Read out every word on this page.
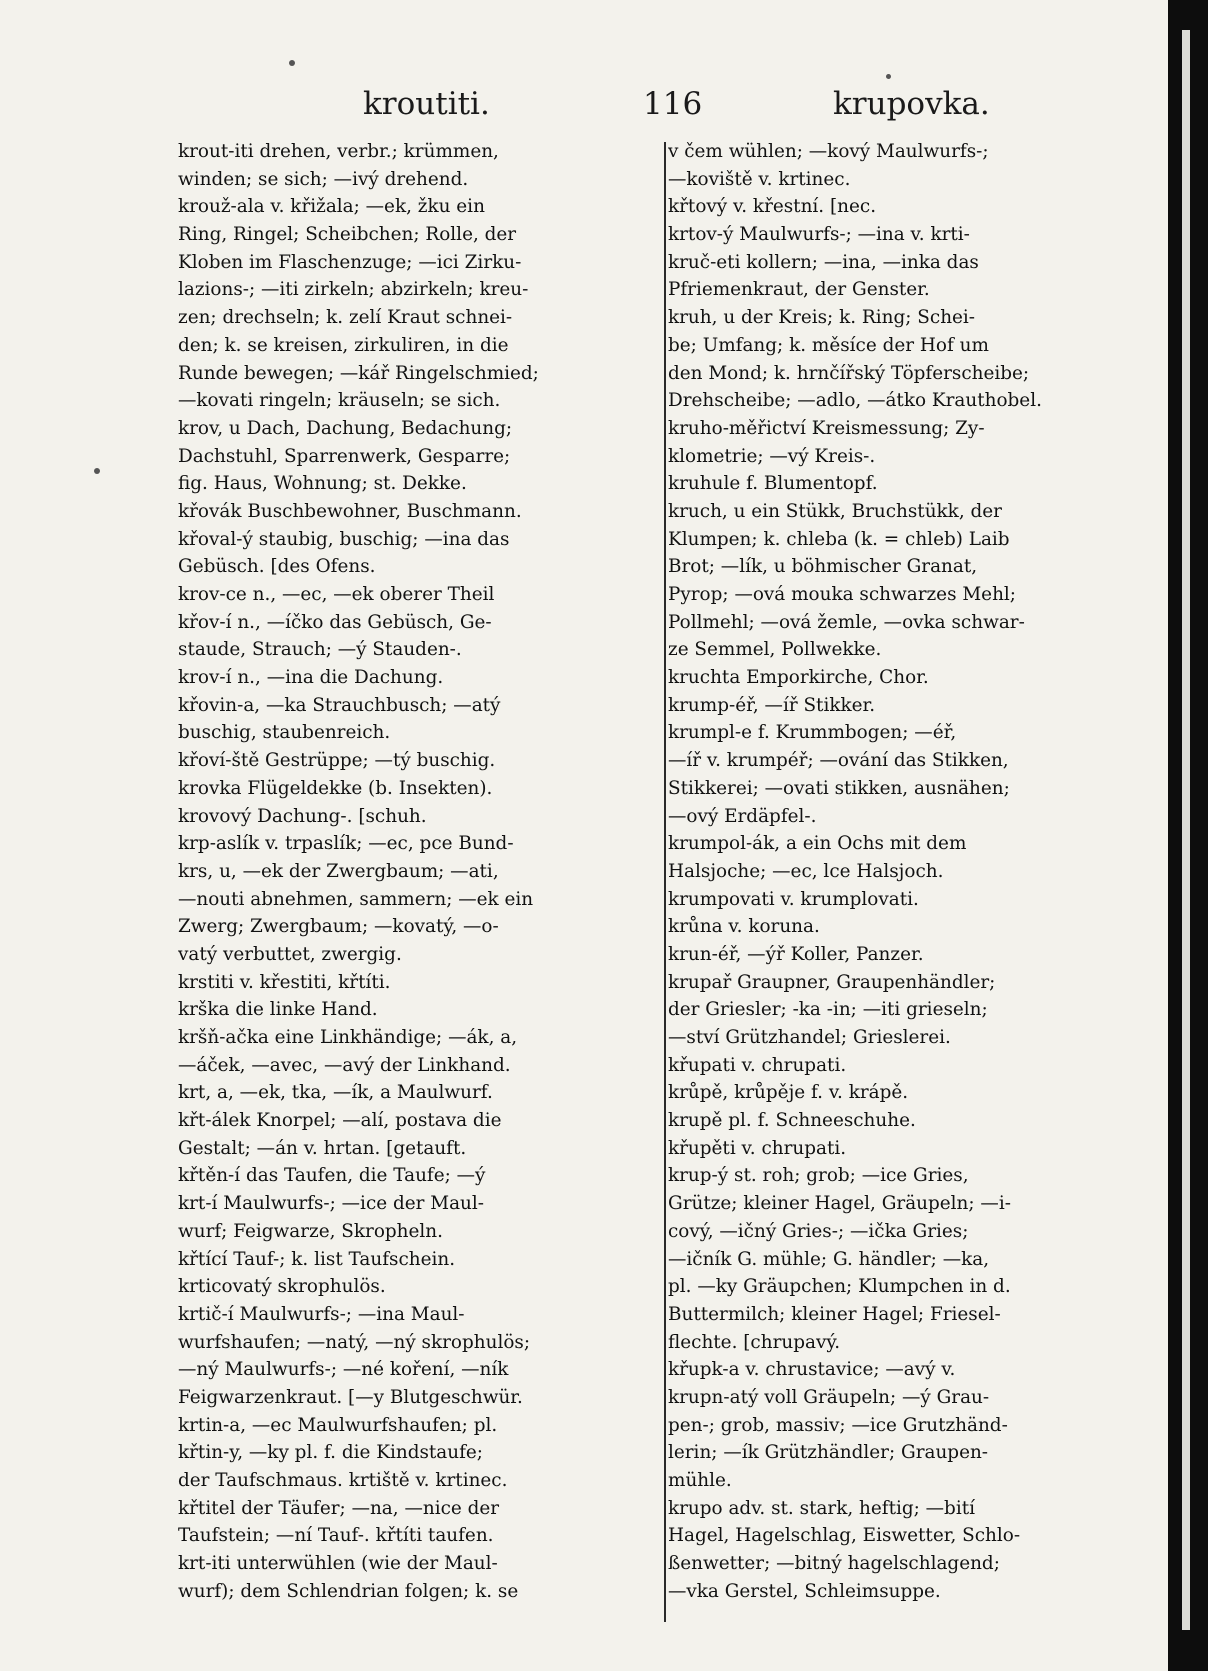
kroutiti.	116	krupovka.
krout-iti drehen, verbr.; krümmen,
winden; se sich; —ivý drehend.
krouž-ala v. křižala; —ek, žku ein
Ring, Ringel; Scheibchen; Rolle, der
Kloben im Flaschenzuge; —ici Zirku-
lazions-; —iti zirkeln; abzirkeln; kreu-
zen; drechseln; k. zelí Kraut schnei-
den; k. se kreisen, zirkuliren, in die
Runde bewegen; —kář Ringelschmied;
—kovati ringeln; kräuseln; se sich.
krov, u Dach, Dachung, Bedachung;
Dachstuhl, Sparrenwerk, Gesparre;
fig. Haus, Wohnung; st. Dekke.
křovák Buschbewohner, Buschmann.
křoval-ý staubig, buschig; —ina das
Gebüsch. [des Ofens.
krov-ce n., —ec, —ek oberer Theil
křov-í n., —íčko das Gebüsch, Ge-
staude, Strauch; —ý Stauden-.
krov-í n., —ina die Dachung.
křovin-a, —ka Strauchbusch; —atý
buschig, staubenreich.
křoví-ště Gestrüppe; —tý buschig.
krovka Flügeldekke (b. Insekten).
krovový Dachung-. [schuh.
krp-aslík v. trpaslík; —ec, pce Bund-
krs, u, —ek der Zwergbaum; —ati,
—nouti abnehmen, sammern; —ek ein
Zwerg; Zwergbaum; —kovatý, —o-
vatý verbuttet, zwergig.
krstiti v. křestiti, křtíti.
krška die linke Hand.
kršň-ačka eine Linkhändige; —ák, a,
—áček, —avec, —avý der Linkhand.
krt, a, —ek, tka, —ík, a Maulwurf.
křt-álek Knorpel; —alí, postava die
Gestalt; —án v. hrtan. [getauft.
křtěn-í das Taufen, die Taufe; —ý
krt-í Maulwurfs-; —ice der Maul-
wurf; Feigwarze, Skropheln.
křtící Tauf-; k. list Taufschein.
krticovatý skrophulös.
krtič-í Maulwurfs-; —ina Maul-
wurfshaufen; —natý, —ný skrophulös;
—ný Maulwurfs-; —né koření, —ník
Feigwarzenkraut. [—y Blutgeschwür.
krtin-a, —ec Maulwurfshaufen; pl.
křtin-y, —ky pl. f. die Kindstaufe;
der Taufschmaus. krtiště v. krtinec.
křtitel der Täufer; —na, —nice der
Taufstein; —ní Tauf-. křtíti taufen.
krt-iti unterwühlen (wie der Maul-
wurf); dem Schlendrian folgen; k. se
v čem wühlen; —kový Maulwurfs-;
—koviště v. krtinec.
křtový v. křestní. [nec.
krtov-ý Maulwurfs-; —ina v. krti-
kruč-eti kollern; —ina, —inka das
Pfriemenkraut, der Genster.
kruh, u der Kreis; k. Ring; Schei-
be; Umfang; k. měsíce der Hof um
den Mond; k. hrnčířský Töpferscheibe;
Drehscheibe; —adlo, —átko Krauthobel.
kruho-měřictví Kreismessung; Zy-
klometrie; —vý Kreis-.
kruhule f. Blumentopf.
kruch, u ein Stükk, Bruchstükk, der
Klumpen; k. chleba (k. = chleb) Laib
Brot; —lík, u böhmischer Granat,
Pyrop; —ová mouka schwarzes Mehl;
Pollmehl; —ová žemle, —ovka schwar-
ze Semmel, Pollwekke.
kruchta Emporkirche, Chor.
krump-éř, —íř Stikker.
krumpl-e f. Krummbogen; —éř,
—íř v. krumpéř; —ování das Stikken,
Stikkerei; —ovati stikken, ausnähen;
—ový Erdäpfel-.
krumpol-ák, a ein Ochs mit dem
Halsjoche; —ec, lce Halsjoch.
krumpovati v. krumplovati.
krůna v. koruna.
krun-éř, —ýř Koller, Panzer.
krupař Graupner, Graupenhändler;
der Griesler; -ka -in; —iti grieseln;
—ství Grützhandel; Grieslerei.
křupati v. chrupati.
krůpě, krůpěje f. v. krápě.
krupě pl. f. Schneeschuhe.
křupěti v. chrupati.
krup-ý st. roh; grob; —ice Gries,
Grütze; kleiner Hagel, Gräupeln; —i-
cový, —ičný Gries-; —ička Gries;
—ičník G. mühle; G. händler; —ka,
pl. —ky Gräupchen; Klumpchen in d.
Buttermilch; kleiner Hagel; Friesel-
flechte. [chrupavý.
křupk-a v. chrustavice; —avý v.
krupn-atý voll Gräupeln; —ý Grau-
pen-; grob, massiv; —ice Grutzhänd-
lerin; —ík Grützhändler; Graupen-
mühle.
krupo adv. st. stark, heftig; —bití
Hagel, Hagelschlag, Eiswetter, Schlo-
ßenwetter; —bitný hagelschlagend;
—vka Gerstel, Schleimsuppe.
